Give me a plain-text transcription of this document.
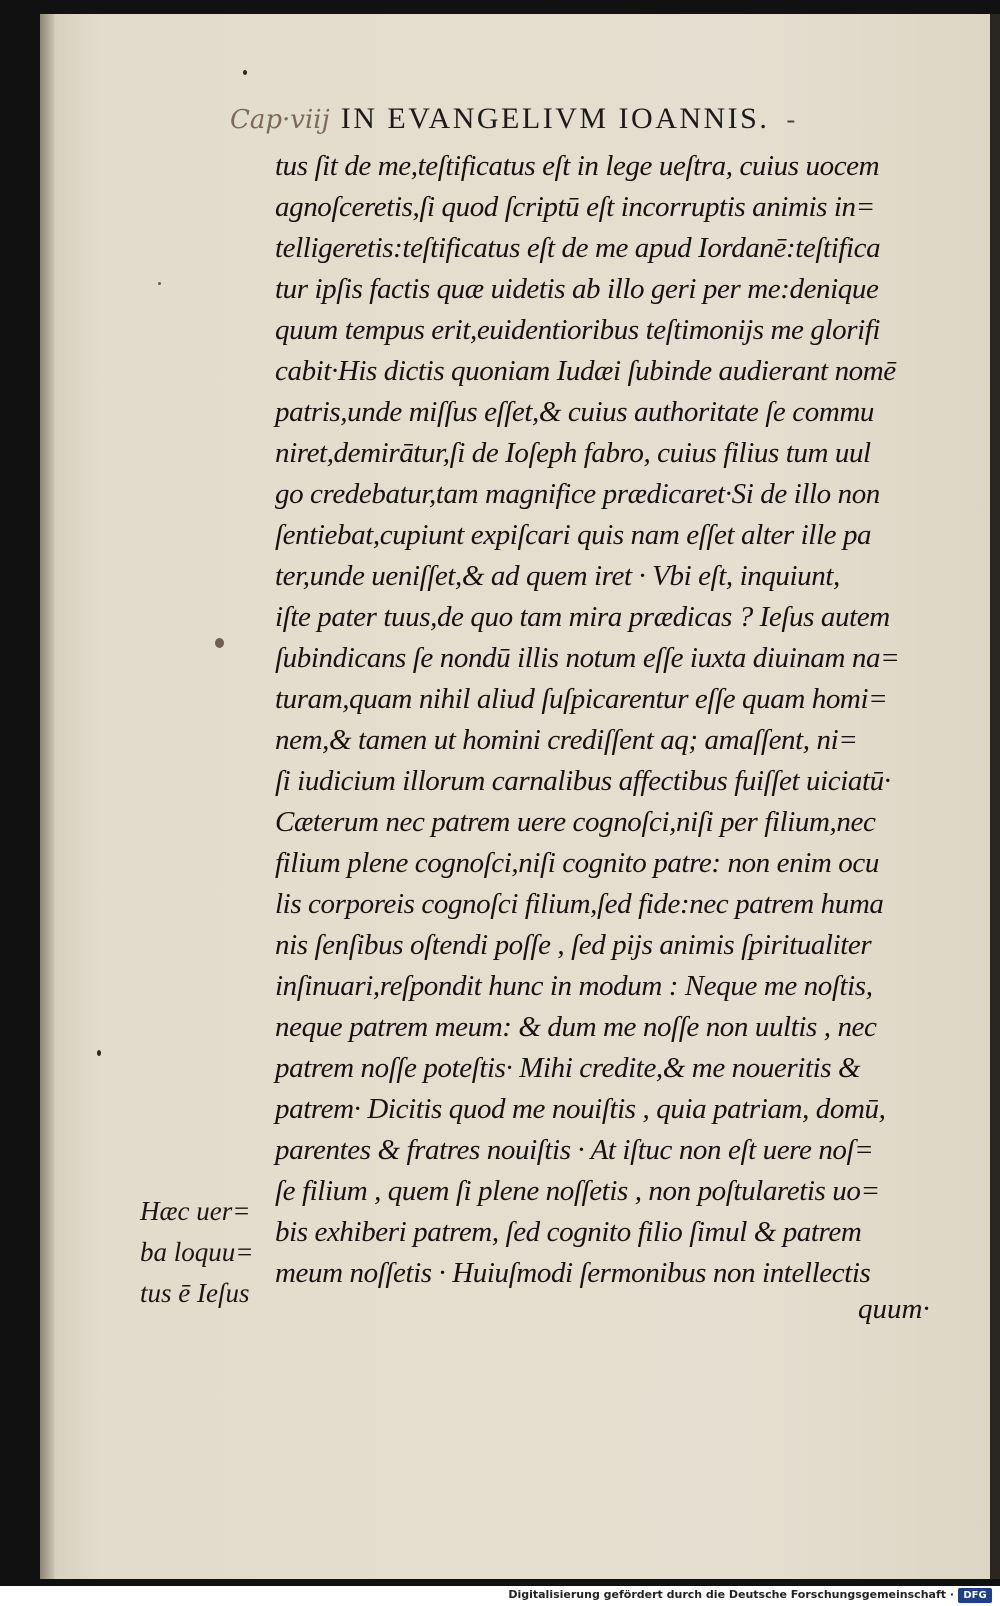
Cap·viij IN EVANGELIVM IOANNIS. -
tus ſit de me,teſtificatus eſt in lege ueſtra, cuius uocem
agnoſceretis,ſi quod ſcriptū eſt incorruptis animis in=
telligeretis:teſtificatus eſt de me apud Iordanē:teſtifica
tur ipſis factis quæ uidetis ab illo geri per me:denique
quum tempus erit,euidentioribus teſtimonijs me glorifi
cabit·His dictis quoniam Iudæi ſubinde audierant nomē
patris,unde miſſus eſſet,& cuius authoritate ſe commu
niret,demirātur,ſi de Ioſeph fabro, cuius filius tum uul
go credebatur,tam magnifice prædicaret·Si de illo non
ſentiebat,cupiunt expiſcari quis nam eſſet alter ille pa
ter,unde ueniſſet,& ad quem iret · Vbi eſt, inquiunt,
iſte pater tuus,de quo tam mira prædicas ? Ieſus autem
ſubindicans ſe nondū illis notum eſſe iuxta diuinam na=
turam,quam nihil aliud ſuſpicarentur eſſe quam homi=
nem,& tamen ut homini crediſſent aq; amaſſent, ni=
ſi iudicium illorum carnalibus affectibus fuiſſet uiciatū·
Cæterum nec patrem uere cognoſci,niſi per filium,nec
filium plene cognoſci,niſi cognito patre: non enim ocu
lis corporeis cognoſci filium,ſed fide:nec patrem huma
nis ſenſibus oſtendi poſſe , ſed pijs animis ſpiritualiter
inſinuari,reſpondit hunc in modum : Neque me noſtis,
neque patrem meum: & dum me noſſe non uultis , nec
patrem noſſe poteſtis· Mihi credite,& me noueritis &
patrem· Dicitis quod me nouiſtis , quia patriam, domū,
parentes & fratres nouiſtis · At iſtuc non eſt uere noſ=
ſe filium , quem ſi plene noſſetis , non poſtularetis uo=
bis exhiberi patrem, ſed cognito filio ſimul & patrem
meum noſſetis · Huiuſmodi ſermonibus non intellectis
quum·
Hæc uer=
ba loquu=
tus ē Ieſus
Digitalisierung gefördert durch die Deutsche Forschungsgemeinschaft · DFG
